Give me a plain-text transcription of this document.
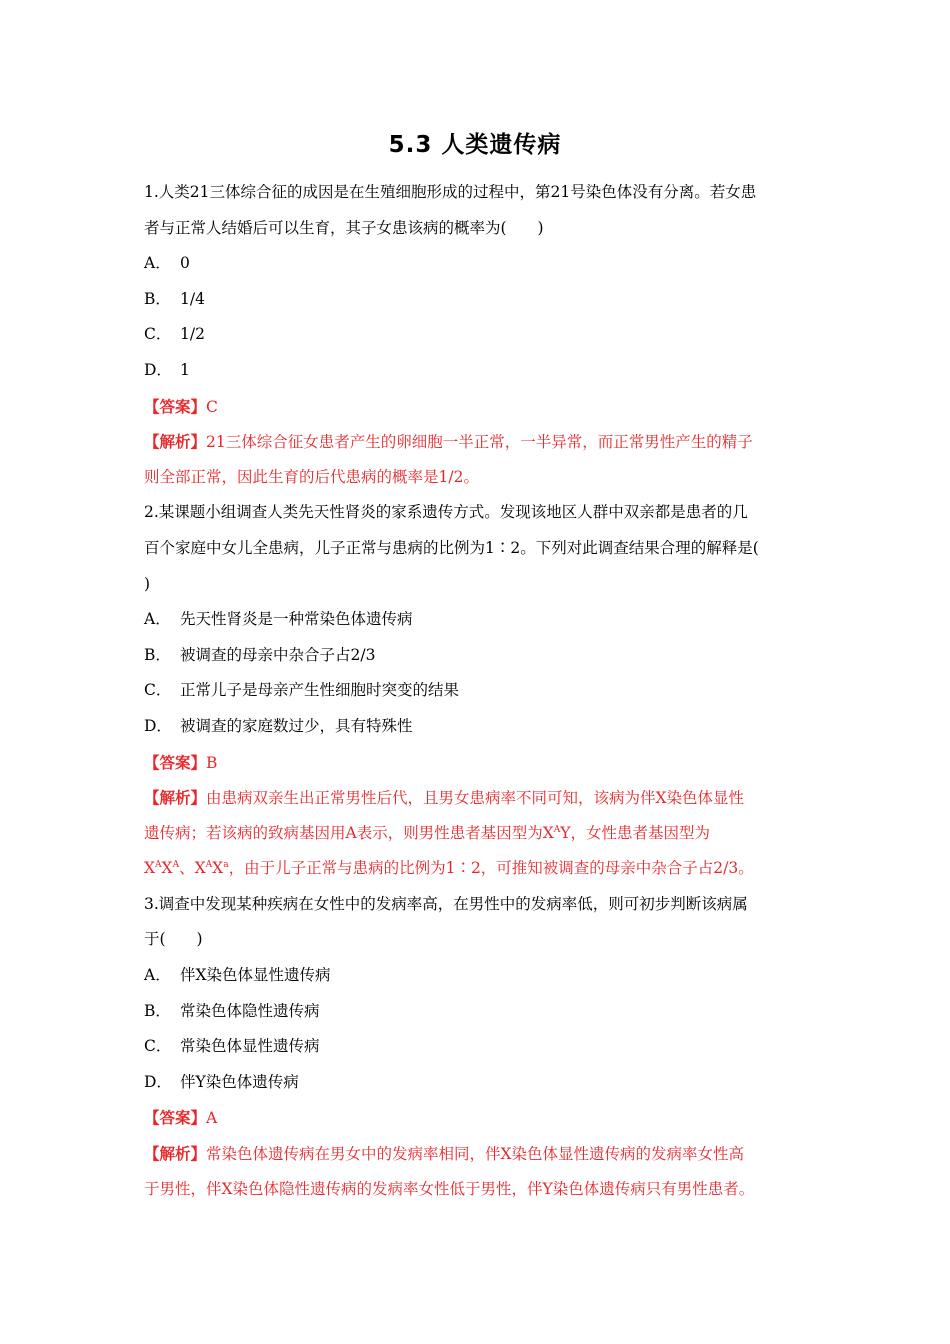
5.3 人类遗传病
1.人类21三体综合征的成因是在生殖细胞形成的过程中，第21号染色体没有分离。若女患
者与正常人结婚后可以生育，其子女患该病的概率为(　　)
A． 0
B． 1/4
C． 1/2
D． 1
【答案】C
【解析】21三体综合征女患者产生的卵细胞一半正常，一半异常，而正常男性产生的精子
则全部正常，因此生育的后代患病的概率是1/2。
2.某课题小组调查人类先天性肾炎的家系遗传方式。发现该地区人群中双亲都是患者的几
百个家庭中女儿全患病，儿子正常与患病的比例为1∶2。下列对此调查结果合理的解释是(
)
A． 先天性肾炎是一种常染色体遗传病
B． 被调查的母亲中杂合子占2/3
C． 正常儿子是母亲产生性细胞时突变的结果
D． 被调查的家庭数过少，具有特殊性
【答案】B
【解析】由患病双亲生出正常男性后代，且男女患病率不同可知，该病为伴X染色体显性
遗传病；若该病的致病基因用A表示，则男性患者基因型为$X^AY$，女性患者基因型为
$X^AX^A$、$X^AX^a$，由于儿子正常与患病的比例为1∶2，可推知被调查的母亲中杂合子占2/3。
3.调查中发现某种疾病在女性中的发病率高，在男性中的发病率低，则可初步判断该病属
于(　　)
A． 伴X染色体显性遗传病
B． 常染色体隐性遗传病
C． 常染色体显性遗传病
D． 伴Y染色体遗传病
【答案】A
【解析】常染色体遗传病在男女中的发病率相同，伴X染色体显性遗传病的发病率女性高
于男性，伴X染色体隐性遗传病的发病率女性低于男性，伴Y染色体遗传病只有男性患者。
